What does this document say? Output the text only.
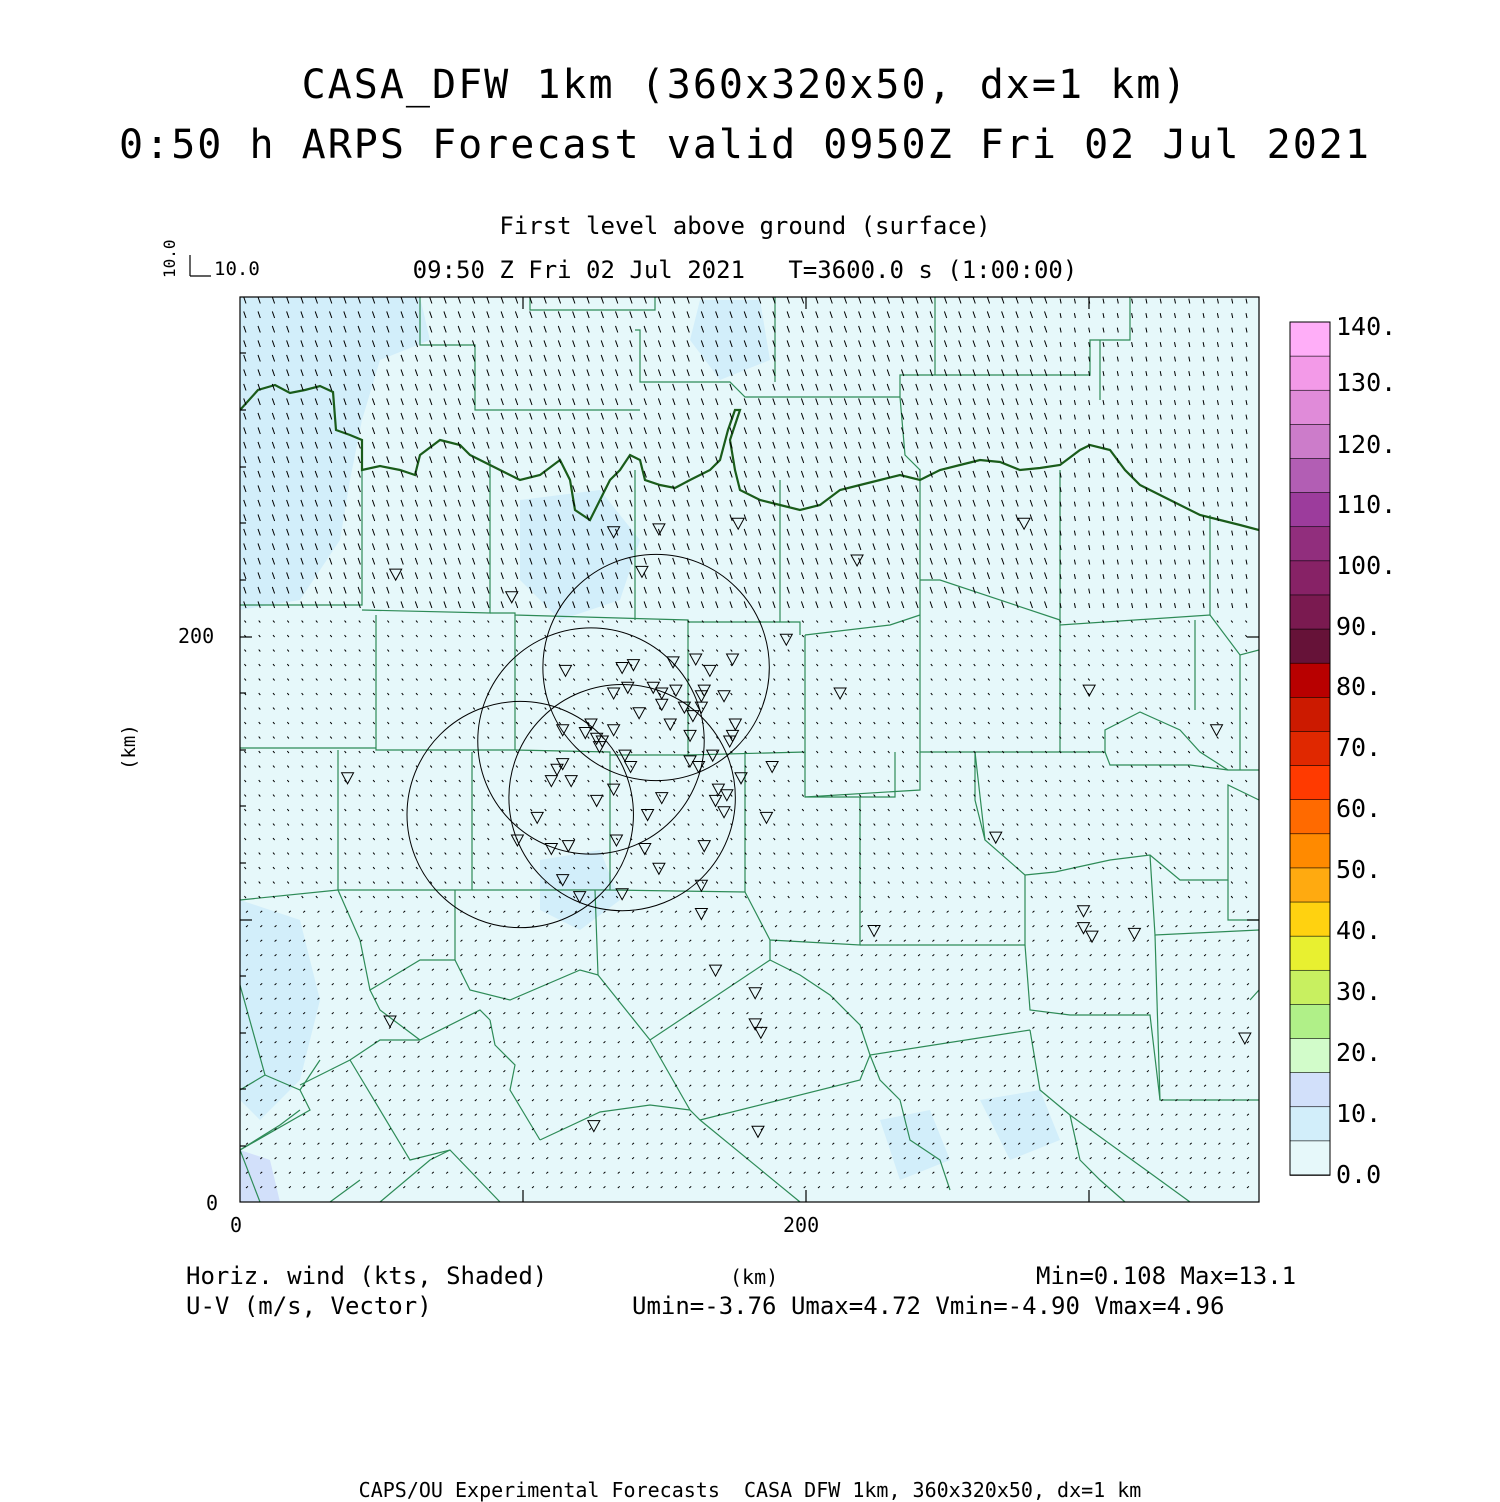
CASA_DFW 1km (360x320x50, dx=1 km)
0:50 h ARPS Forecast valid 0950Z Fri 02 Jul 2021
First level above ground (surface)
09:50 Z Fri 02 Jul 2021   T=3600.0 s (1:00:00)
10.0
10.0
(km)
(km)
200
0
0	200
140.
130.
120.
110.
100.
90.
80.
70.
60.
50.
40.
30.
20.
10.
0.0
Horiz. wind (kts, Shaded)
U-V (m/s, Vector)
Min=0.108 Max=13.1
Umin=-3.76 Umax=4.72 Vmin=-4.90 Vmax=4.96
CAPS/OU Experimental Forecasts  CASA DFW 1km, 360x320x50, dx=1 km
